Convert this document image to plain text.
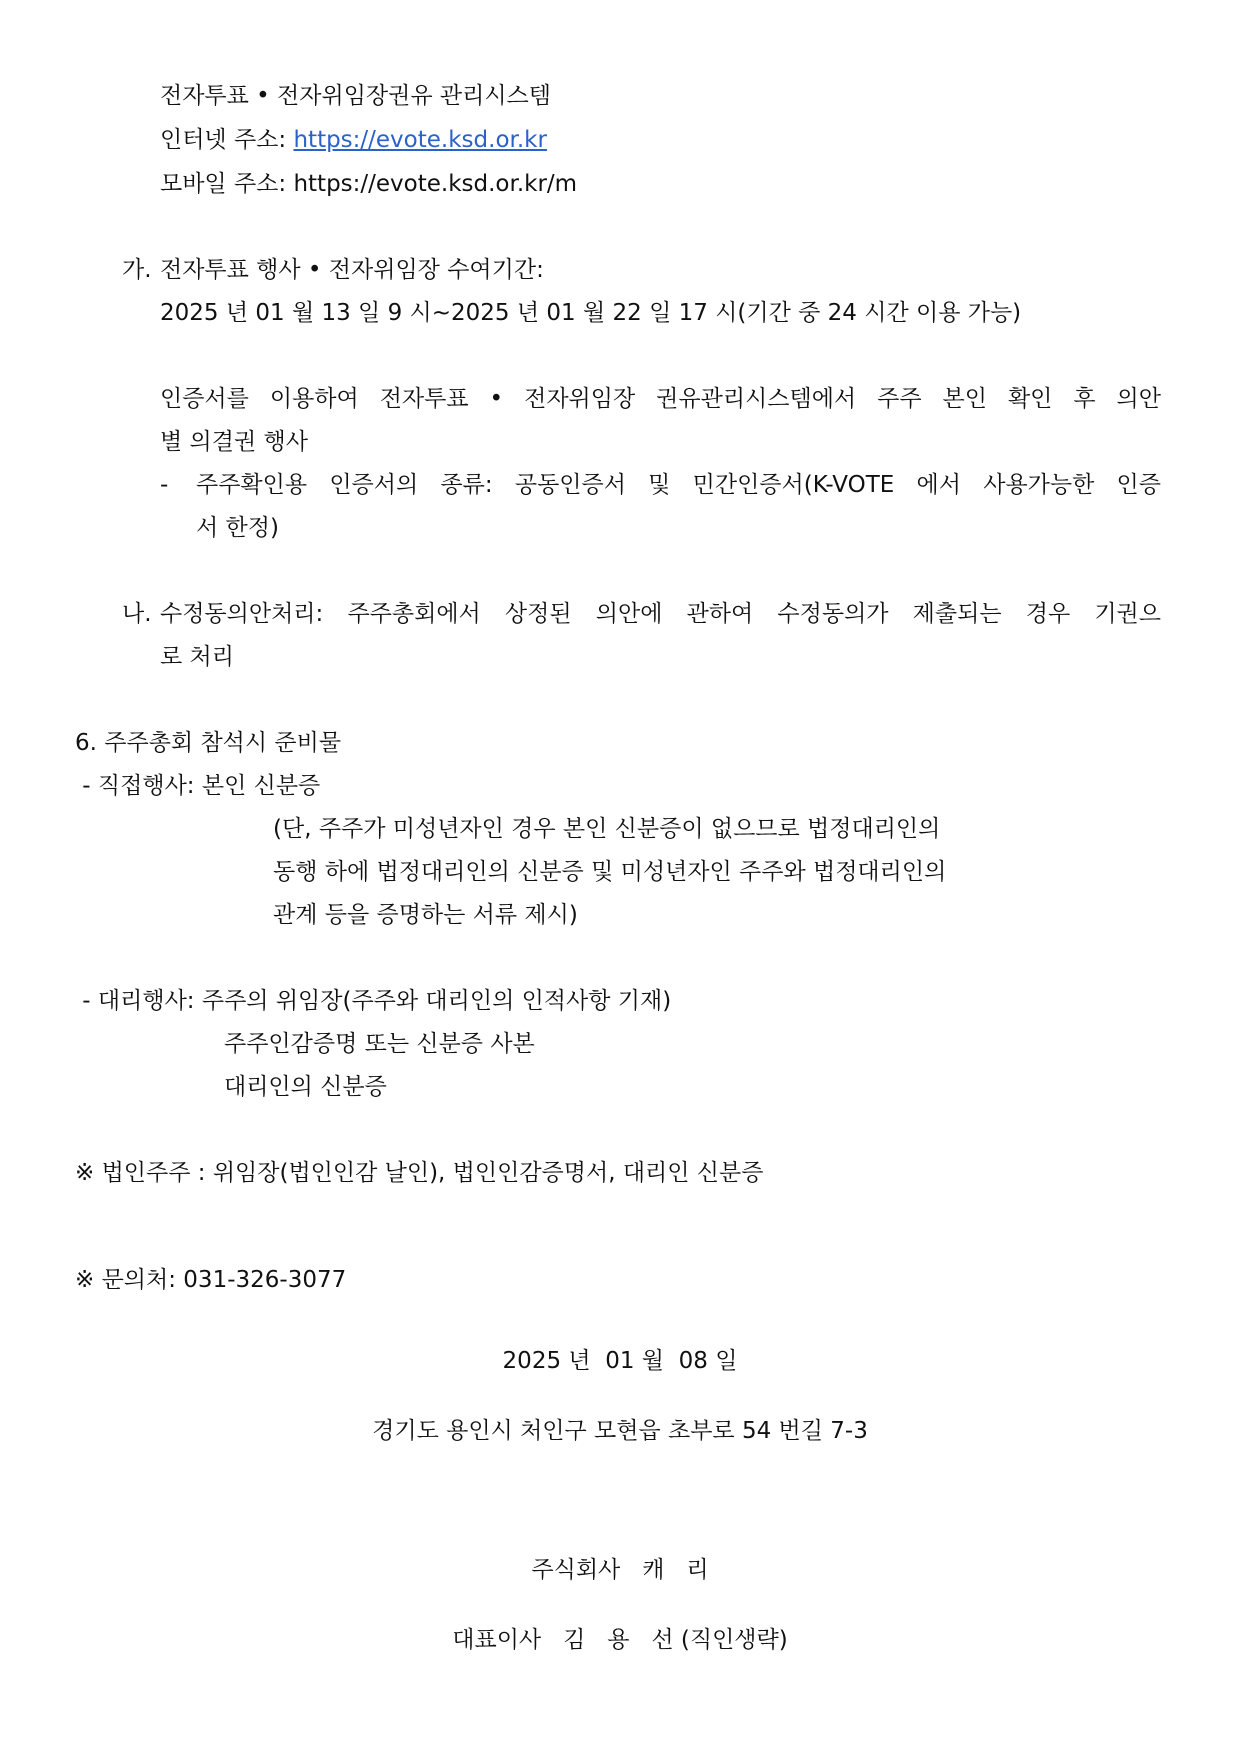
전자투표 • 전자위임장권유 관리시스템
인터넷 주소: https://evote.ksd.or.kr
모바일 주소: https://evote.ksd.or.kr/m
가. 전자투표 행사 • 전자위임장 수여기간:
2025 년 01 월 13 일 9 시~2025 년 01 월 22 일 17 시(기간 중 24 시간 이용 가능)
인증서를 이용하여 전자투표 • 전자위임장 권유관리시스템에서 주주 본인 확인 후 의안
별 의결권 행사
- 주주확인용 인증서의 종류: 공동인증서 및 민간인증서(K-VOTE 에서 사용가능한 인증
서 한정)
나. 수정동의안처리: 주주총회에서 상정된 의안에 관하여 수정동의가 제출되는 경우 기권으
로 처리
6. 주주총회 참석시 준비물
- 직접행사: 본인 신분증
(단, 주주가 미성년자인 경우 본인 신분증이 없으므로 법정대리인의
동행 하에 법정대리인의 신분증 및 미성년자인 주주와 법정대리인의
관계 등을 증명하는 서류 제시)
- 대리행사: 주주의 위임장(주주와 대리인의 인적사항 기재)
주주인감증명 또는 신분증 사본
대리인의 신분증
※ 법인주주 : 위임장(법인인감 날인), 법인인감증명서, 대리인 신분증
※ 문의처: 031-326-3077
2025 년  01 월  08 일
경기도 용인시 처인구 모현읍 초부로 54 번길 7-3
주식회사   캐   리
대표이사   김   용   선 (직인생략)
